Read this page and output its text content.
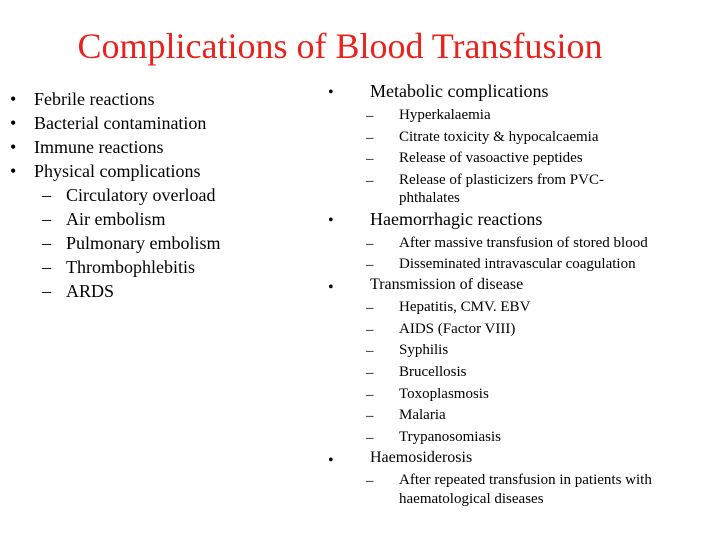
Complications of Blood Transfusion
• Febrile reactions
• Bacterial contamination
• Immune reactions
• Physical complications
– Circulatory overload
– Air embolism
– Pulmonary embolism
– Thrombophlebitis
– ARDS
• Metabolic complications
– Hyperkalaemia
– Citrate toxicity & hypocalcaemia
– Release of vasoactive peptides
– Release of plasticizers from PVC-
phthalates
• Haemorrhagic reactions
– After massive transfusion of stored blood
– Disseminated intravascular coagulation
• Transmission of disease
– Hepatitis, CMV. EBV
– AIDS (Factor VIII)
– Syphilis
– Brucellosis
– Toxoplasmosis
– Malaria
– Trypanosomiasis
• Haemosiderosis
– After repeated transfusion in patients with
haematological diseases
